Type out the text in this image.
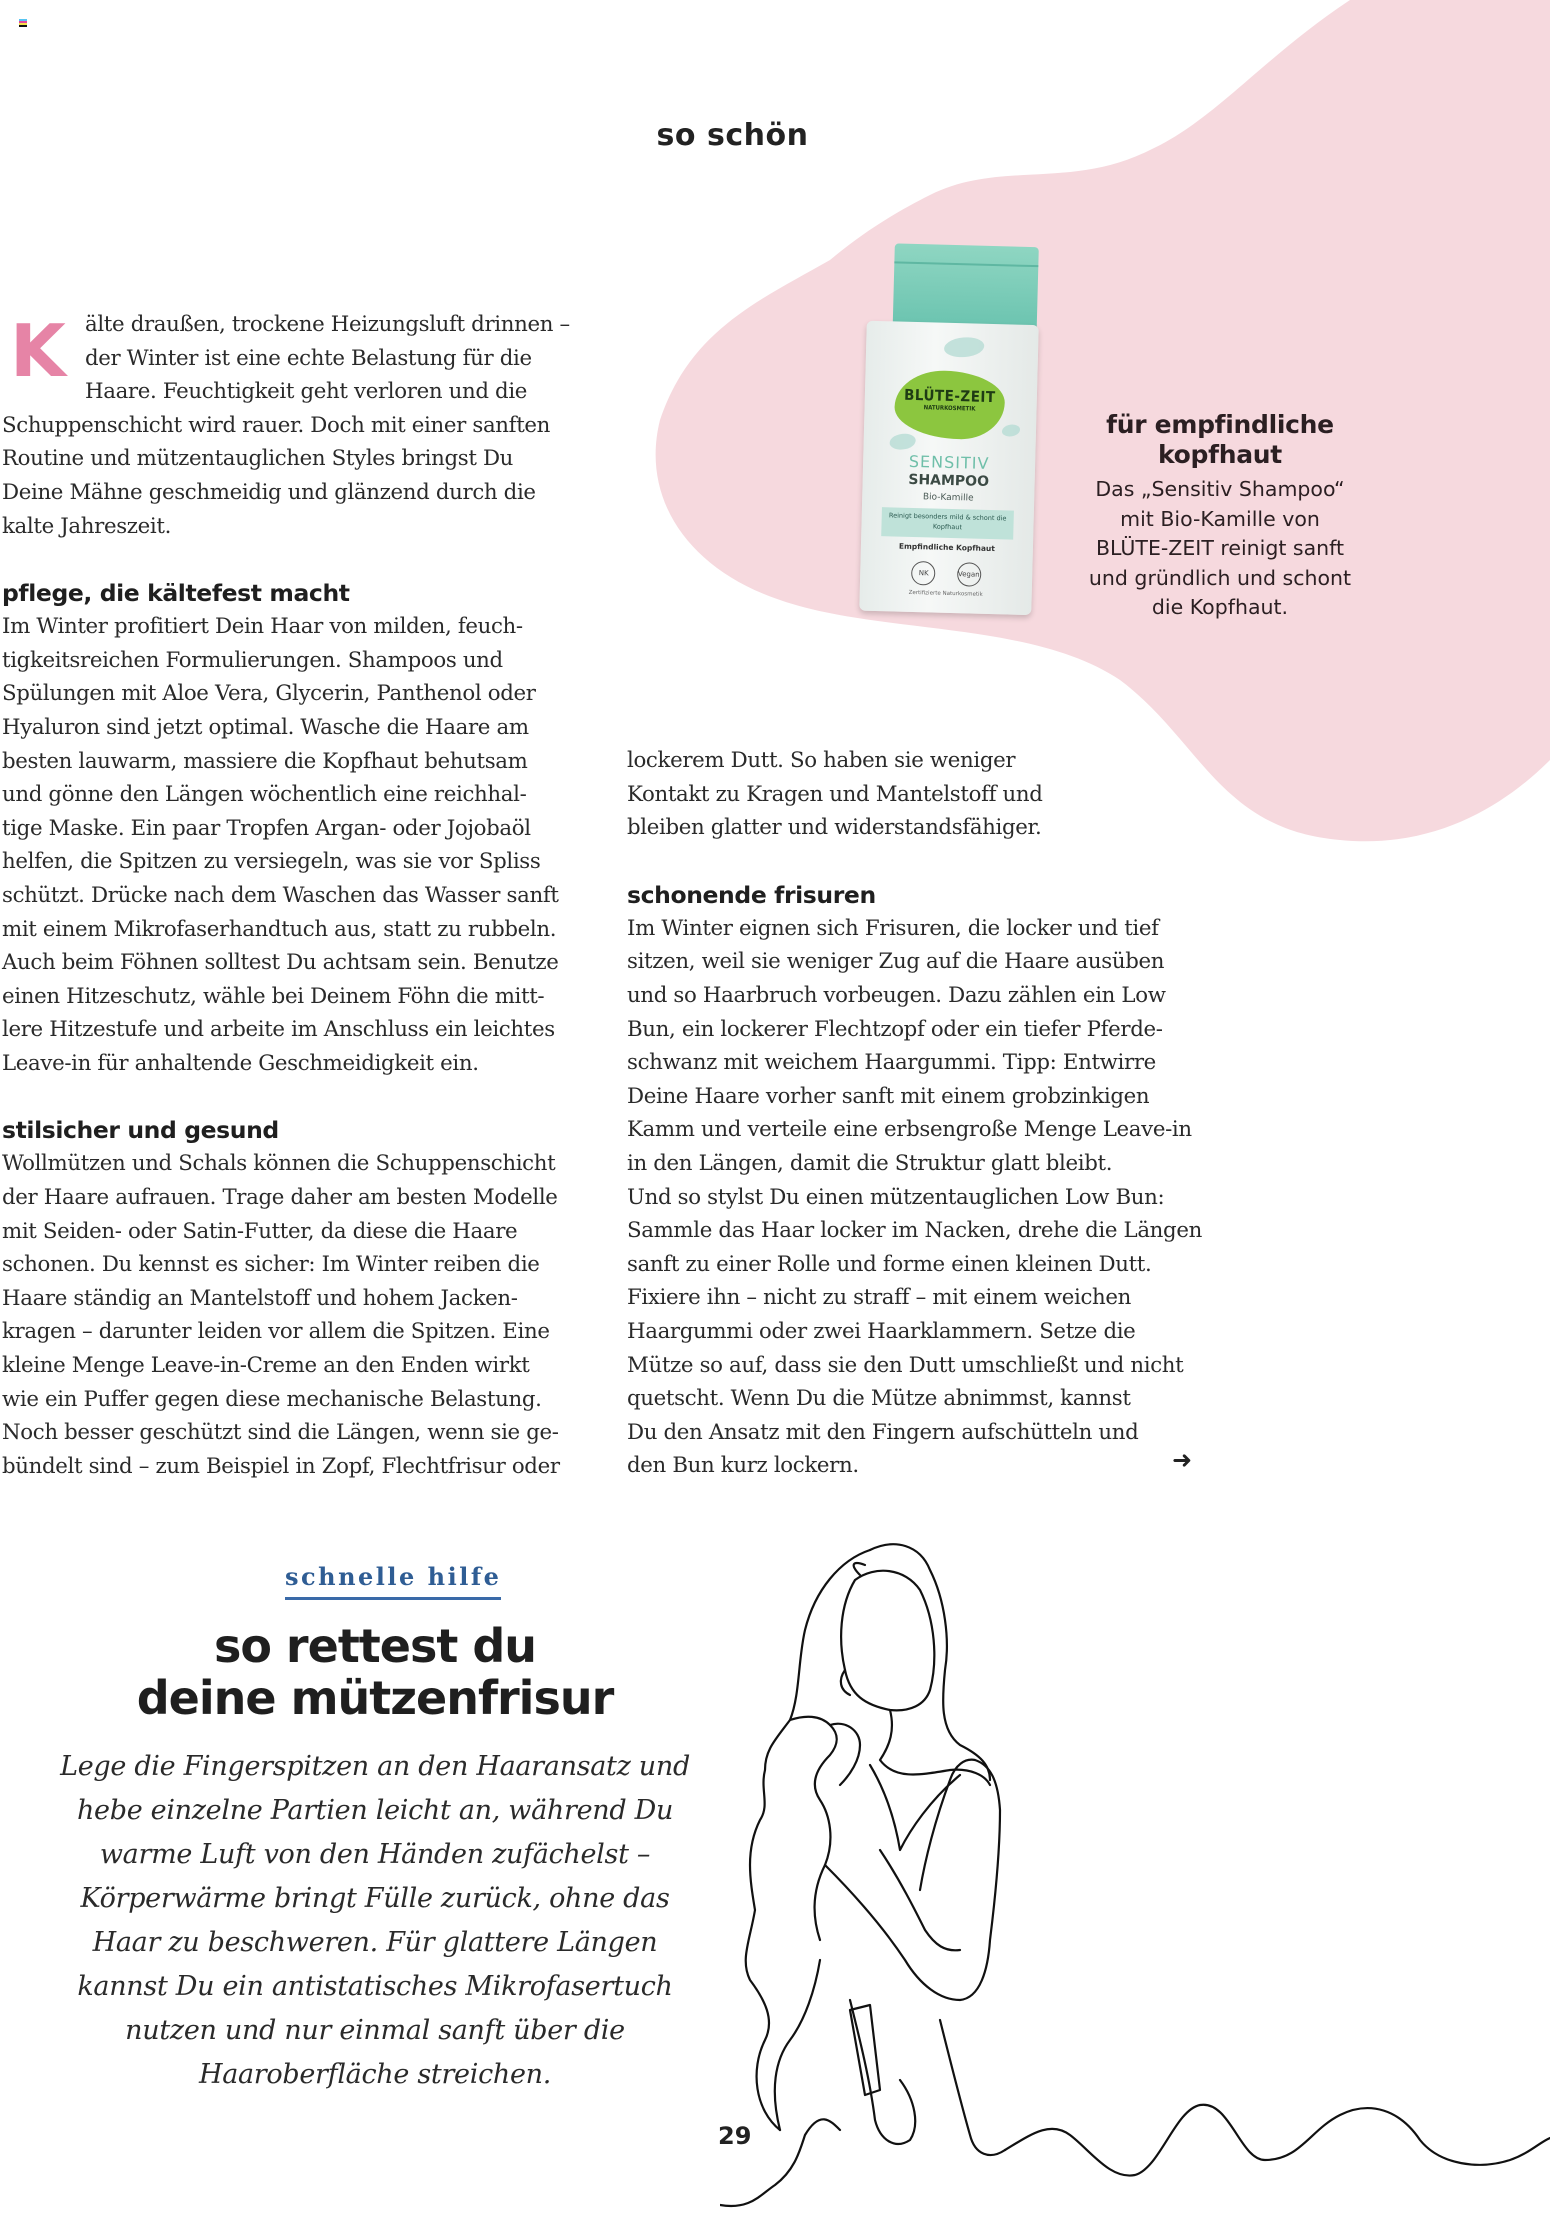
so schön
K älte draußen, trockene Heizungsluft drinnen –
der Winter ist eine echte Belastung für die
Haare. Feuchtigkeit geht verloren und die
Schuppenschicht wird rauer. Doch mit einer sanften
Routine und mützentauglichen Styles bringst Du
Deine Mähne geschmeidig und glänzend durch die
kalte Jahreszeit.

pflege, die kältefest macht

Im Winter profitiert Dein Haar von milden, feuch-
tigkeitsreichen Formulierungen. Shampoos und
Spülungen mit Aloe Vera, Glycerin, Panthenol oder
Hyaluron sind jetzt optimal. Wasche die Haare am
besten lauwarm, massiere die Kopfhaut behutsam
und gönne den Längen wöchentlich eine reichhal-
tige Maske. Ein paar Tropfen Argan- oder Jojobaöl
helfen, die Spitzen zu versiegeln, was sie vor Spliss
schützt. Drücke nach dem Waschen das Wasser sanft
mit einem Mikrofaserhandtuch aus, statt zu rubbeln.
Auch beim Föhnen solltest Du achtsam sein. Benutze
einen Hitzeschutz, wähle bei Deinem Föhn die mitt-
lere Hitzestufe und arbeite im Anschluss ein leichtes
Leave-in für anhaltende Geschmeidigkeit ein.

stilsicher und gesund

Wollmützen und Schals können die Schuppenschicht
der Haare aufrauen. Trage daher am besten Modelle
mit Seiden- oder Satin-Futter, da diese die Haare
schonen. Du kennst es sicher: Im Winter reiben die
Haare ständig an Mantelstoff und hohem Jacken-
kragen – darunter leiden vor allem die Spitzen. Eine
kleine Menge Leave-in-Creme an den Enden wirkt
wie ein Puffer gegen diese mechanische Belastung.
Noch besser geschützt sind die Längen, wenn sie ge-
bündelt sind – zum Beispiel in Zopf, Flechtfrisur oder

lockerem Dutt. So haben sie weniger
Kontakt zu Kragen und Mantelstoff und
bleiben glatter und widerstandsfähiger.

schonende frisuren

Im Winter eignen sich Frisuren, die locker und tief
sitzen, weil sie weniger Zug auf die Haare ausüben
und so Haarbruch vorbeugen. Dazu zählen ein Low
Bun, ein lockerer Flechtzopf oder ein tiefer Pferde-
schwanz mit weichem Haargummi. Tipp: Entwirre
Deine Haare vorher sanft mit einem grobzinkigen
Kamm und verteile eine erbsengroße Menge Leave-in
in den Längen, damit die Struktur glatt bleibt.
Und so stylst Du einen mützentauglichen Low Bun:
Sammle das Haar locker im Nacken, drehe die Längen
sanft zu einer Rolle und forme einen kleinen Dutt.
Fixiere ihn – nicht zu straff – mit einem weichen
Haargummi oder zwei Haarklammern. Setze die
Mütze so auf, dass sie den Dutt umschließt und nicht
quetscht. Wenn Du die Mütze abnimmst, kannst
Du den Ansatz mit den Fingern aufschütteln und
den Bun kurz lockern.	➜
BLÜTE-ZEIT
NATURKOSMETIK
SENSITIV
SHAMPOO
Bio-Kamille
Reinigt besonders mild & schont die Kopfhaut
Empfindliche Kopfhaut
NK	Vegan
Zertifizierte Naturkosmetik
für empfindliche
kopfhaut
Das „Sensitiv Shampoo“
mit Bio-Kamille von
BLÜTE-ZEIT reinigt sanft
und gründlich und schont
die Kopfhaut.
schnelle hilfe
so rettest du
deine mützenfrisur
Lege die Fingerspitzen an den Haaransatz und
hebe einzelne Partien leicht an, während Du
warme Luft von den Händen zufächelst –
Körperwärme bringt Fülle zurück, ohne das
Haar zu beschweren. Für glattere Längen
kannst Du ein antistatisches Mikrofasertuch
nutzen und nur einmal sanft über die
Haaroberfläche streichen.
29
